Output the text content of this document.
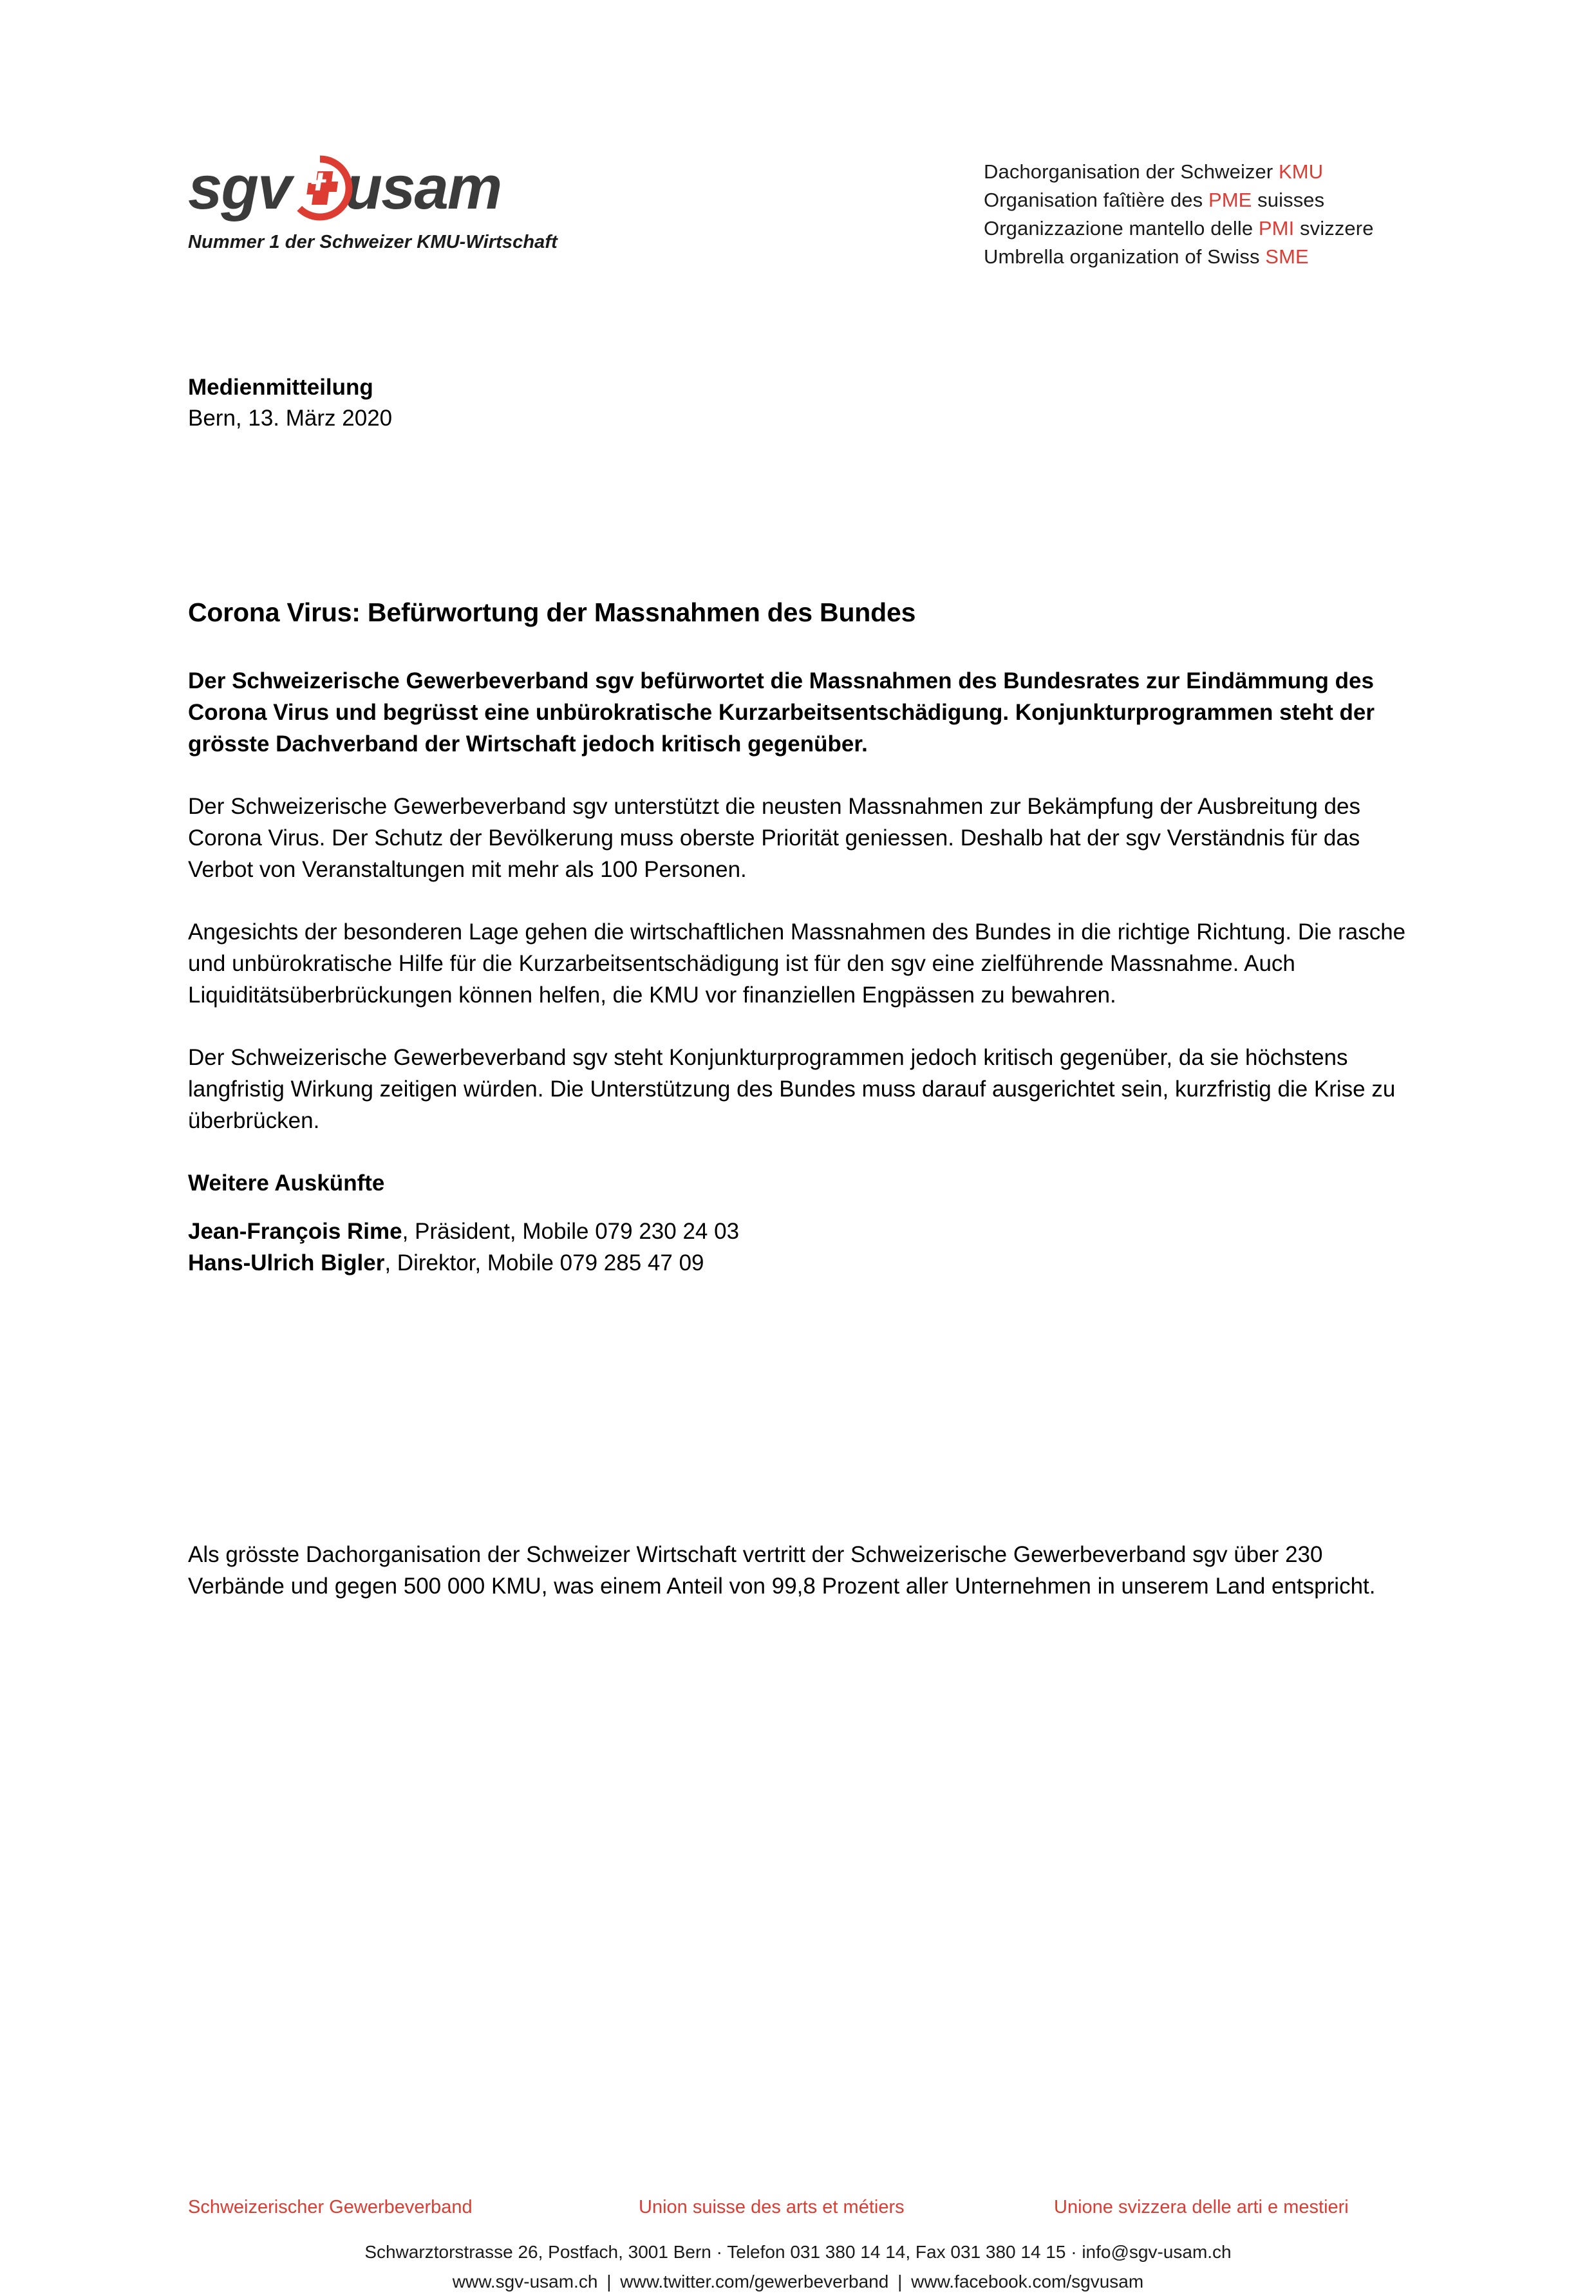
sgv usam
Nummer 1 der Schweizer KMU-Wirtschaft
Dachorganisation der Schweizer KMU
Organisation faîtière des PME suisses
Organizzazione mantello delle PMI svizzere
Umbrella organization of Swiss SME
Medienmitteilung
Bern, 13. März 2020
Corona Virus: Befürwortung der Massnahmen des Bundes

Der Schweizerische Gewerbeverband sgv befürwortet die Massnahmen des Bundesrates zur Eindämmung des Corona Virus und begrüsst eine unbürokratische Kurzarbeitsentschädigung. Konjunkturprogrammen steht der grösste Dachverband der Wirtschaft jedoch kritisch gegenüber.

Der Schweizerische Gewerbeverband sgv unterstützt die neusten Massnahmen zur Bekämpfung der Ausbreitung des Corona Virus. Der Schutz der Bevölkerung muss oberste Priorität geniessen. Deshalb hat der sgv Verständnis für das Verbot von Veranstaltungen mit mehr als 100 Personen.

Angesichts der besonderen Lage gehen die wirtschaftlichen Massnahmen des Bundes in die richtige Richtung. Die rasche und unbürokratische Hilfe für die Kurzarbeitsentschädigung ist für den sgv eine zielführende Massnahme. Auch Liquiditätsüberbrückungen können helfen, die KMU vor finanziellen Engpässen zu bewahren.

Der Schweizerische Gewerbeverband sgv steht Konjunkturprogrammen jedoch kritisch gegenüber, da sie höchstens langfristig Wirkung zeitigen würden. Die Unterstützung des Bundes muss darauf ausgerichtet sein, kurzfristig die Krise zu überbrücken.

Weitere Auskünfte

Jean-François Rime, Präsident, Mobile 079 230 24 03

Hans-Ulrich Bigler, Direktor, Mobile 079 285 47 09

Als grösste Dachorganisation der Schweizer Wirtschaft vertritt der Schweizerische Gewerbeverband sgv über 230 Verbände und gegen 500 000 KMU, was einem Anteil von 99,8 Prozent aller Unternehmen in unserem Land entspricht.
Schweizerischer Gewerbeverband	Union suisse des arts et métiers	Unione svizzera delle arti e mestieri
Schwarztorstrasse 26, Postfach, 3001 Bern · Telefon 031 380 14 14, Fax 031 380 14 15 · info@sgv-usam.ch
www.sgv-usam.ch | www.twitter.com/gewerbeverband | www.facebook.com/sgvusam
